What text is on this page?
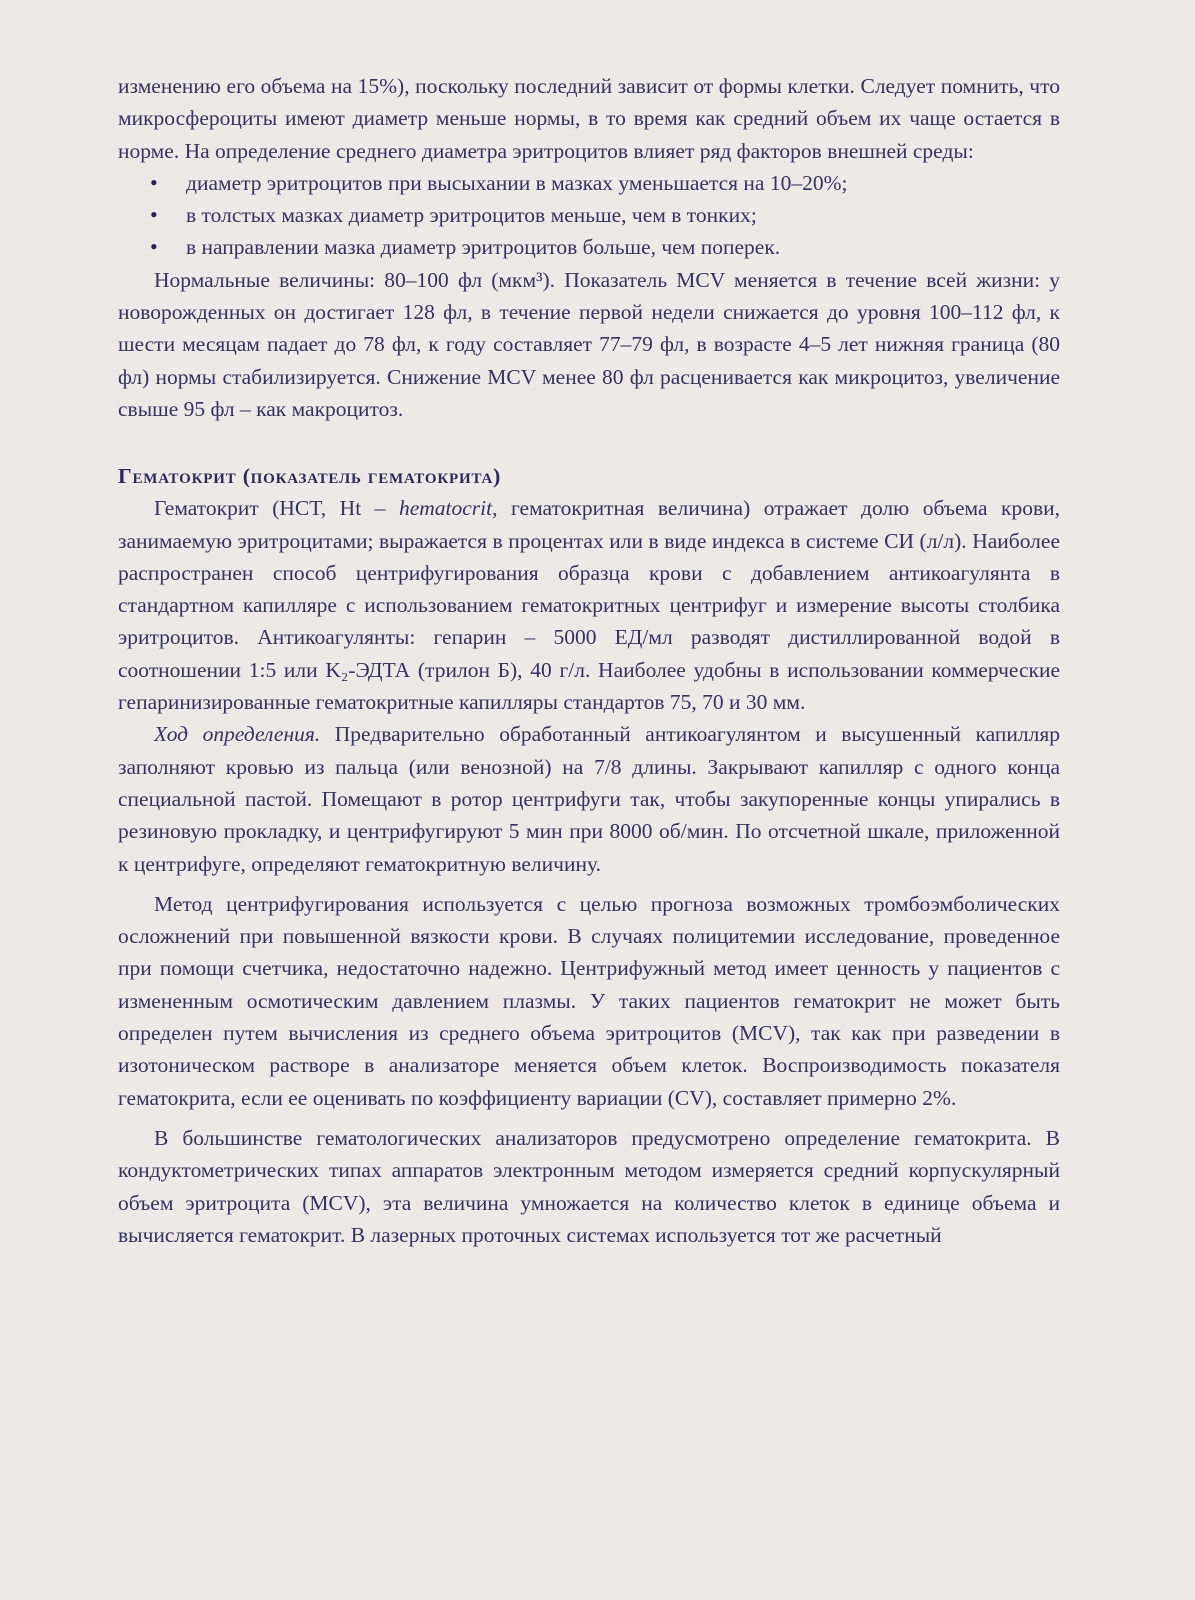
изменению его объема на 15%), поскольку последний зависит от формы клетки. Следует помнить, что микросфероциты имеют диаметр меньше нормы, в то время как средний объем их чаще остается в норме. На определение среднего диаметра эритроцитов влияет ряд факторов внешней среды:

• диаметр эритроцитов при высыхании в мазках уменьшается на 10–20%;
• в толстых мазках диаметр эритроцитов меньше, чем в тонких;
• в направлении мазка диаметр эритроцитов больше, чем поперек.

Нормальные величины: 80–100 фл (мкм³). Показатель MCV меняется в течение всей жизни: у новорожденных он достигает 128 фл, в течение первой недели снижается до уровня 100–112 фл, к шести месяцам падает до 78 фл, к году составляет 77–79 фл, в возрасте 4–5 лет нижняя граница (80 фл) нормы стабилизируется. Снижение MCV менее 80 фл расценивается как микроцитоз, увеличение свыше 95 фл – как макроцитоз.

Гематокрит (показатель гематокрита)

Гематокрит (HCT, Ht – hematocrit, гематокритная величина) отражает долю объема крови, занимаемую эритроцитами; выражается в процентах или в виде индекса в системе СИ (л/л). Наиболее распространен способ центрифугирования образца крови с добавлением антикоагулянта в стандартном капилляре с использованием гематокритных центрифуг и измерение высоты столбика эритроцитов. Антикоагулянты: гепарин – 5000 ЕД/мл разводят дистиллированной водой в соотношении 1:5 или K₂-ЭДТА (трилон Б), 40 г/л. Наиболее удобны в использовании коммерческие гепаринизированные гематокритные капилляры стандартов 75, 70 и 30 мм.

Ход определения. Предварительно обработанный антикоагулянтом и высушенный капилляр заполняют кровью из пальца (или венозной) на 7/8 длины. Закрывают капилляр с одного конца специальной пастой. Помещают в ротор центрифуги так, чтобы закупоренные концы упирались в резиновую прокладку, и центрифугируют 5 мин при 8000 об/мин. По отсчетной шкале, приложенной к центрифуге, определяют гематокритную величину.

Метод центрифугирования используется с целью прогноза возможных тромбоэмболических осложнений при повышенной вязкости крови. В случаях полицитемии исследование, проведенное при помощи счетчика, недостаточно надежно. Центрифужный метод имеет ценность у пациентов с измененным осмотическим давлением плазмы. У таких пациентов гематокрит не может быть определен путем вычисления из среднего объема эритроцитов (MCV), так как при разведении в изотоническом растворе в анализаторе меняется объем клеток. Воспроизводимость показателя гематокрита, если ее оценивать по коэффициенту вариации (CV), составляет примерно 2%.

В большинстве гематологических анализаторов предусмотрено определение гематокрита. В кондуктометрических типах аппаратов электронным методом измеряется средний корпускулярный объем эритроцита (MCV), эта величина умножается на количество клеток в единице объема и вычисляется гематокрит. В лазерных проточных системах используется тот же расчетный
